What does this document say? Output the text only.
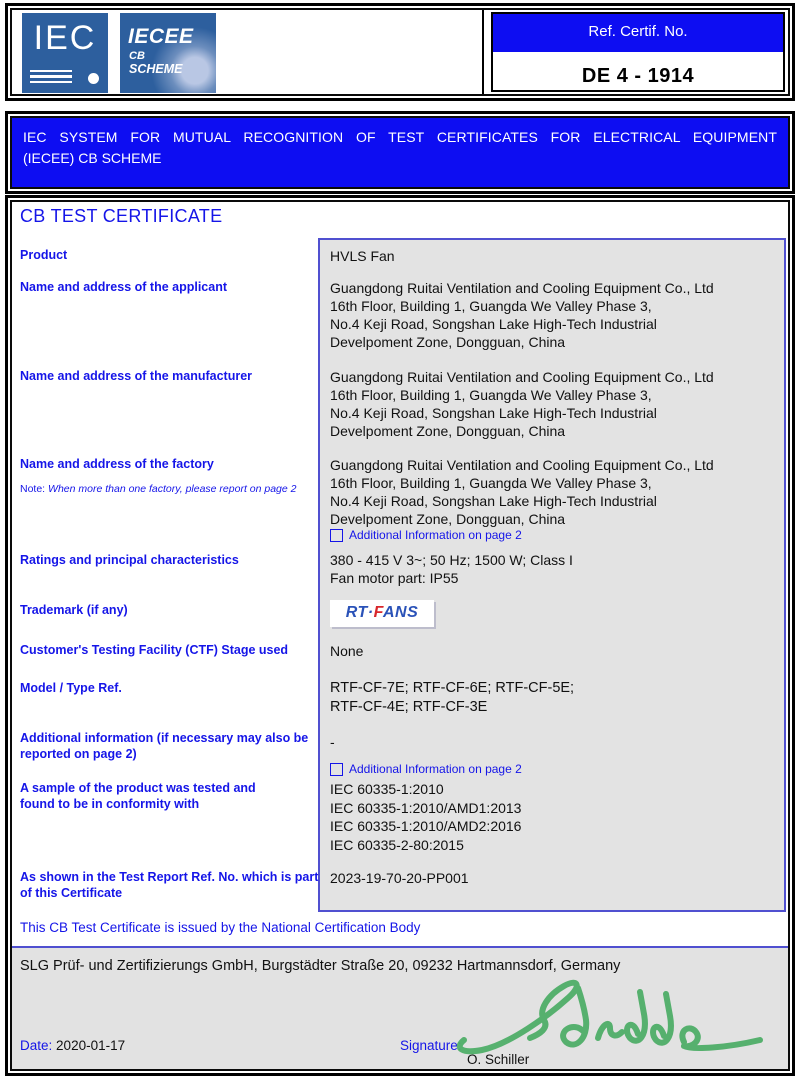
IEC	IECEE
CB
SCHEME
Ref. Certif. No.
DE 4 - 1914
IEC SYSTEM FOR MUTUAL RECOGNITION OF TEST CERTIFICATES FOR ELECTRICAL EQUIPMENT
(IECEE) CB SCHEME
CB TEST CERTIFICATE
Product
Name and address of the applicant
Name and address of the manufacturer
Name and address of the factory
Note: When more than one factory, please report on page 2
Ratings and principal characteristics
Trademark (if any)
Customer's Testing Facility (CTF) Stage used
Model / Type Ref.
Additional information (if necessary may also be reported on page 2)
A sample of the product was tested and found to be in conformity with
As shown in the Test Report Ref. No. which is part of this Certificate
HVLS Fan
Guangdong Ruitai Ventilation and Cooling Equipment Co., Ltd
16th Floor, Building 1, Guangda We Valley Phase 3,
No.4 Keji Road, Songshan Lake High-Tech Industrial
Develpoment Zone, Dongguan, China
Guangdong Ruitai Ventilation and Cooling Equipment Co., Ltd
16th Floor, Building 1, Guangda We Valley Phase 3,
No.4 Keji Road, Songshan Lake High-Tech Industrial
Develpoment Zone, Dongguan, China
Guangdong Ruitai Ventilation and Cooling Equipment Co., Ltd
16th Floor, Building 1, Guangda We Valley Phase 3,
No.4 Keji Road, Songshan Lake High-Tech Industrial
Develpoment Zone, Dongguan, China
Additional Information on page 2
380 - 415 V 3~; 50 Hz; 1500 W; Class I
Fan motor part: IP55
RT·FANS
None
RTF-CF-7E; RTF-CF-6E; RTF-CF-5E;
RTF-CF-4E; RTF-CF-3E
-
Additional Information on page 2
IEC 60335-1:2010
IEC 60335-1:2010/AMD1:2013
IEC 60335-1:2010/AMD2:2016
IEC 60335-2-80:2015
2023-19-70-20-PP001
This CB Test Certificate is issued by the National Certification Body
SLG Prüf- und Zertifizierungs GmbH, Burgstädter Straße 20, 09232 Hartmannsdorf, Germany
Date: 2020-01-17	Signature:
O. Schiller
